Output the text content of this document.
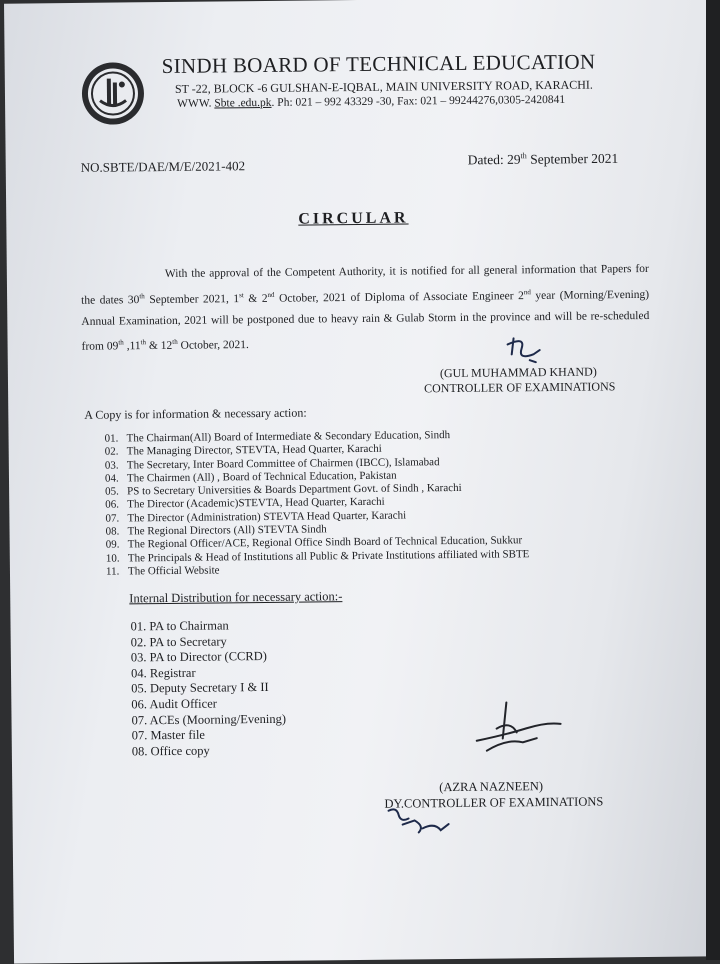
SINDH BOARD OF TECHNICAL EDUCATION
ST -22, BLOCK -6 GULSHAN-E-IQBAL, MAIN UNIVERSITY ROAD, KARACHI.
WWW. Sbte .edu.pk. Ph: 021 – 992 43329 -30, Fax: 021 – 99244276,0305-2420841
NO.SBTE/DAE/M/E/2021-402	Dated: 29th September 2021
CIRCULAR

With the approval of the Competent Authority, it is notified for all general information that Papers for the dates 30th September 2021, 1st & 2nd October, 2021 of Diploma of Associate Engineer 2nd year (Morning/Evening) Annual Examination, 2021 will be postponed due to heavy rain & Gulab Storm in the province and will be re-scheduled from 09th ,11th & 12th October, 2021.

(GUL MUHAMMAD KHAND)
CONTROLLER OF EXAMINATIONS
A Copy is for information & necessary action:
01. The Chairman(All) Board of Intermediate & Secondary Education, Sindh
02. The Managing Director, STEVTA, Head Quarter, Karachi
03. The Secretary, Inter Board Committee of Chairmen (IBCC), Islamabad
04. The Chairmen (All) , Board of Technical Education, Pakistan
05. PS to Secretary Universities & Boards Department Govt. of Sindh , Karachi
06. The Director (Academic)STEVTA, Head Quarter, Karachi
07. The Director (Administration) STEVTA Head Quarter, Karachi
08. The Regional Directors (All) STEVTA Sindh
09. The Regional Officer/ACE, Regional Office Sindh Board of Technical Education, Sukkur
10. The Principals & Head of Institutions all Public & Private Institutions affiliated with SBTE
11. The Official Website
Internal Distribution for necessary action:-
01. PA to Chairman
02. PA to Secretary
03. PA to Director (CCRD)
04. Registrar
05. Deputy Secretary I & II
06. Audit Officer
07. ACEs (Moorning/Evening)
07. Master file
08. Office copy
(AZRA NAZNEEN)
DY.CONTROLLER OF EXAMINATIONS
